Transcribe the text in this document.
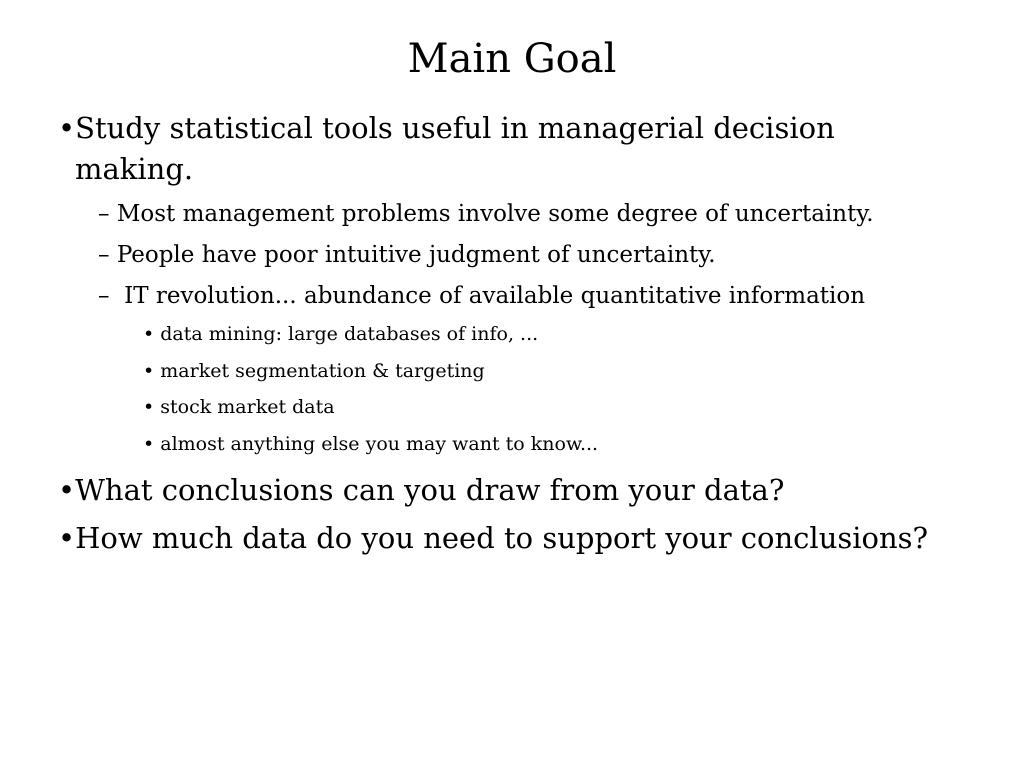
Main Goal
•Study statistical tools useful in managerial decision
making.
– Most management problems involve some degree of uncertainty.
– People have poor intuitive judgment of uncertainty.
–  IT revolution... abundance of available quantitative information
• data mining: large databases of info, ...
• market segmentation & targeting
• stock market data
• almost anything else you may want to know...
•What conclusions can you draw from your data?
•How much data do you need to support your conclusions?
